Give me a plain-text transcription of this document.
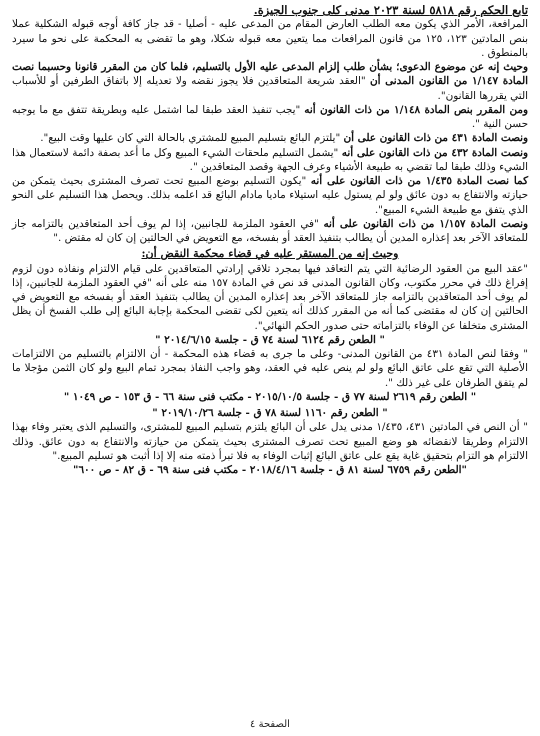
تابع الحكم رقم ٥٨١٨ لسنة ٢٠٢٣ مدنى كلى جنوب الجيزة.

المرافعة، الأمر الذي يكون معه الطلب العارض المقام من المدعى عليه - أصليا - قد جاز كافة أوجه قبوله الشكلية عملا بنص المادتين ١٢٣، ١٢٥ من قانون المرافعات مما يتعين معه قبوله شكلا، وهو ما تقضى به المحكمة على نحو ما سيرد بالمنطوق .

وحيث إنه عن موضوع الدعوى؛ بشأن طلب إلزام المدعى عليه الأول بالتسليم، فلما كان من المقرر قانونا وحسبما نصت المادة ١/١٤٧ من القانون المدنى أن "العقد شريعة المتعاقدين فلا يجوز نقضه ولا تعديله إلا باتفاق الطرفين أو للأسباب التي يقررها القانون".

ومن المقرر بنص المادة ١/١٤٨ من ذات القانون أنه "يجب تنفيذ العقد طبقا لما اشتمل عليه وبطريقة تتفق مع ما يوجبه حسن النية ".

ونصت المادة ٤٣١ من ذات القانون على أن "يلتزم البائع بتسليم المبيع للمشتري بالحالة التي كان عليها وقت البيع".

ونصت المادة ٤٣٢ من ذات القانون على أنه "يشمل التسليم ملحقات الشيء المبيع وكل ما أعد بصفة دائمة لاستعمال هذا الشيء وذلك طبقا لما تقضي به طبيعة الأشياء وعرف الجهة وقصد المتعاقدين ".

كما نصت المادة ١/٤٣٥ من ذات القانون على أنه "يكون التسليم بوضع المبيع تحت تصرف المشترى بحيث يتمكن من حيازته والانتفاع به دون عائق ولو لم يستول عليه استيلاء ماديا مادام البائع قد اعلمه بذلك. ويحصل هذا التسليم على النحو الذي يتفق مع طبيعة الشيء المبيع".

ونصت المادة ١/١٥٧ من ذات القانون على أنه "في العقود الملزمة للجانبين، إذا لم يوف أحد المتعاقدين بالتزامه جاز للمتعاقد الآخر بعد إعذاره المدين أن يطالب بتنفيذ العقد أو بفسخه، مع التعويض في الحالتين إن كان له مقتض ."

وحيث إنه من المستقر عليه في قضاء محكمة النقض أن:

"عقد البيع من العقود الرضائية التي يتم التعاقد فيها بمجرد تلاقي إرادتي المتعاقدين على قيام الالتزام ونفاذه دون لزوم إفراغ ذلك في محرر مكتوب، وكان القانون المدنى قد نص في المادة ١٥٧ منه على أنه "في العقود الملزمة للجانبين، إذا لم يوف أحد المتعاقدين بالتزامه جاز للمتعاقد الآخر بعد إعذاره المدين أن يطالب بتنفيذ العقد أو بفسخه مع التعويض في الحالتين إن كان له مقتضى كما أنه من المقرر كذلك أنه يتعين لكى تقضى المحكمة بإجابة البائع إلى طلب الفسخ أن يظل المشترى متخلفا عن الوفاء بالتزاماته حتى صدور الحكم النهائي".

" الطعن رقم ٦١٢٤ لسنة ٧٤ ق - جلسة ٢٠١٤/٦/١٥ "

" وفقا لنص المادة ٤٣١ من القانون المدنى- وعلى ما جرى به قضاء هذه المحكمة - أن الالتزام بالتسليم من الالتزامات الأصلية التي تقع على عاتق البائع ولو لم ينص عليه في العقد، وهو واجب النفاذ بمجرد تمام البيع ولو كان الثمن مؤجلا ما لم يتفق الطرفان على غير ذلك ".

" الطعن رقم ٢٦١٩ لسنة ٧٧ ق - جلسة ٢٠١٥/١٠/٥ - مكتب فنى سنة ٦٦ - ق ١٥٣ - ص ١٠٤٩ "

" الطعن رقم ١١٦٠ لسنة ٧٨ ق - جلسة ٢٠١٩/١٠/٢٦ "

" أن النص في المادتين ٤٣١، ١/٤٣٥ مدنى يدل على أن البائع يلتزم بتسليم المبيع للمشترى، والتسليم الذى يعتبر وفاء بهذا الالتزام وطريقا لانقضائه هو وضع المبيع تحت تصرف المشترى بحيث يتمكن من حيازته والانتفاع به دون عائق. وذلك الالتزام هو التزام بتحقيق غاية يقع على عاتق البائع إثبات الوفاء به فلا تبرأ ذمته منه إلا إذا أثبت هو تسليم المبيع."

"الطعن رقم ٦٧٥٩ لسنة ٨١ ق - جلسة ٢٠١٨/٤/١٦ - مكتب فنى سنة ٦٩ - ق ٨٢ - ص ٦٠٠"

الصفحة ٤
